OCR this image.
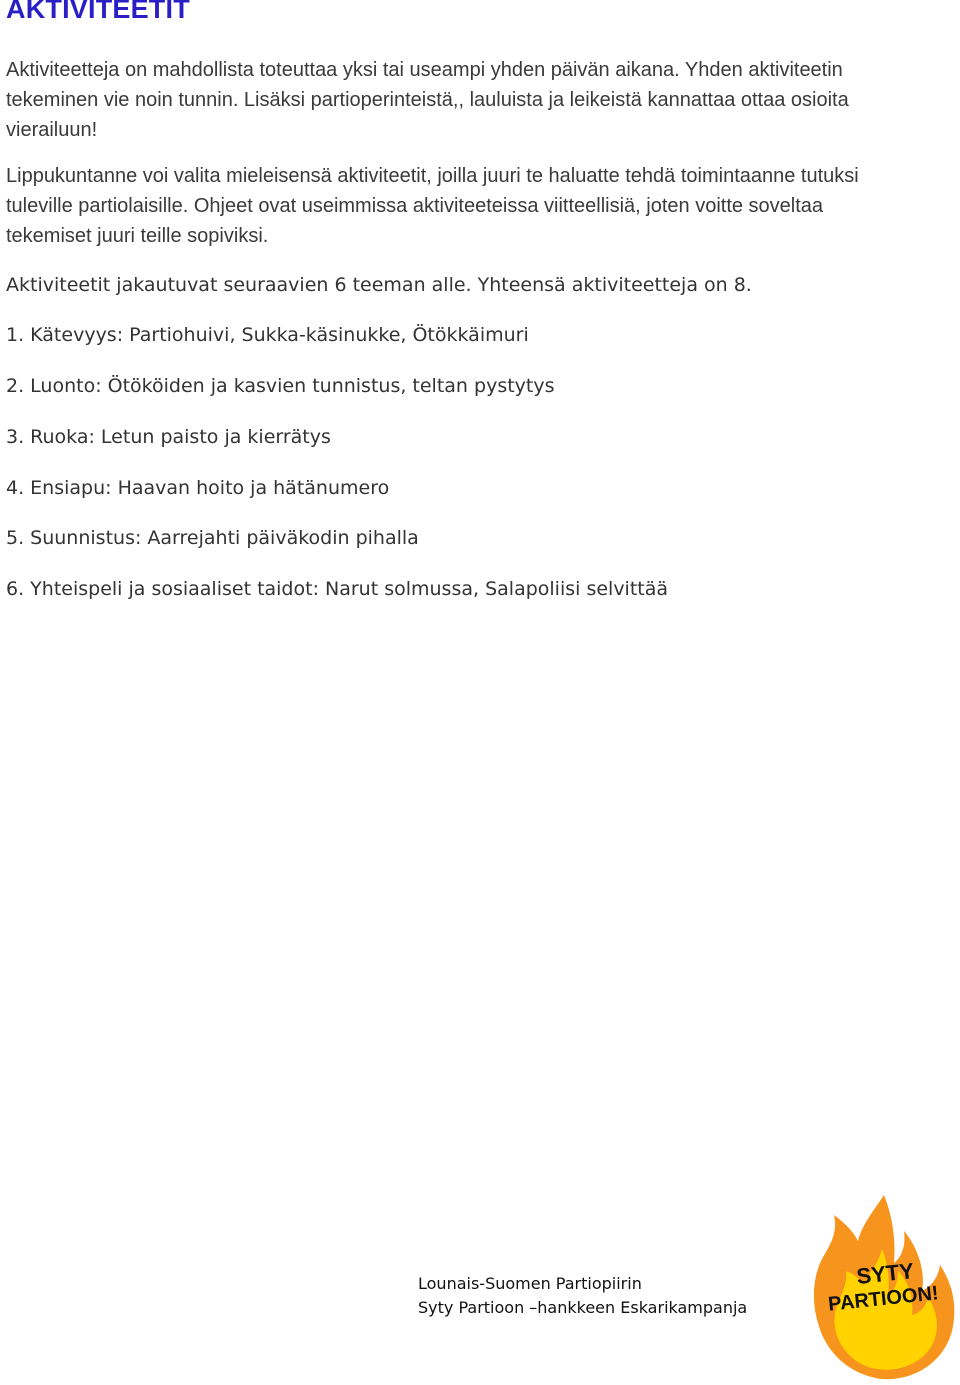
AKTIVITEETIT

Aktiviteetteja on mahdollista toteuttaa yksi tai useampi yhden päivän aikana. Yhden aktiviteetin tekeminen vie noin tunnin. Lisäksi partioperinteistä,, lauluista ja leikeistä kannattaa ottaa osioita vierailuun!

Lippukuntanne voi valita mieleisensä aktiviteetit, joilla juuri te haluatte tehdä toimintaanne tutuksi tuleville partiolaisille. Ohjeet ovat useimmissa aktiviteeteissa viitteellisiä, joten voitte soveltaa tekemiset juuri teille sopiviksi.

Aktiviteetit jakautuvat seuraavien 6 teeman alle. Yhteensä aktiviteetteja on 8.

1. Kätevyys: Partiohuivi, Sukka-käsinukke, Ötökkäimuri
2. Luonto: Ötököiden ja kasvien tunnistus, teltan pystytys
3. Ruoka: Letun paisto ja kierrätys
4. Ensiapu: Haavan hoito ja hätänumero
5. Suunnistus: Aarrejahti päiväkodin pihalla
6. Yhteispeli ja sosiaaliset taidot: Narut solmussa, Salapoliisi selvittää
Lounais-Suomen Partiopiirin
Syty Partioon –hankkeen Eskarikampanja
SYTY
PARTIOON!
